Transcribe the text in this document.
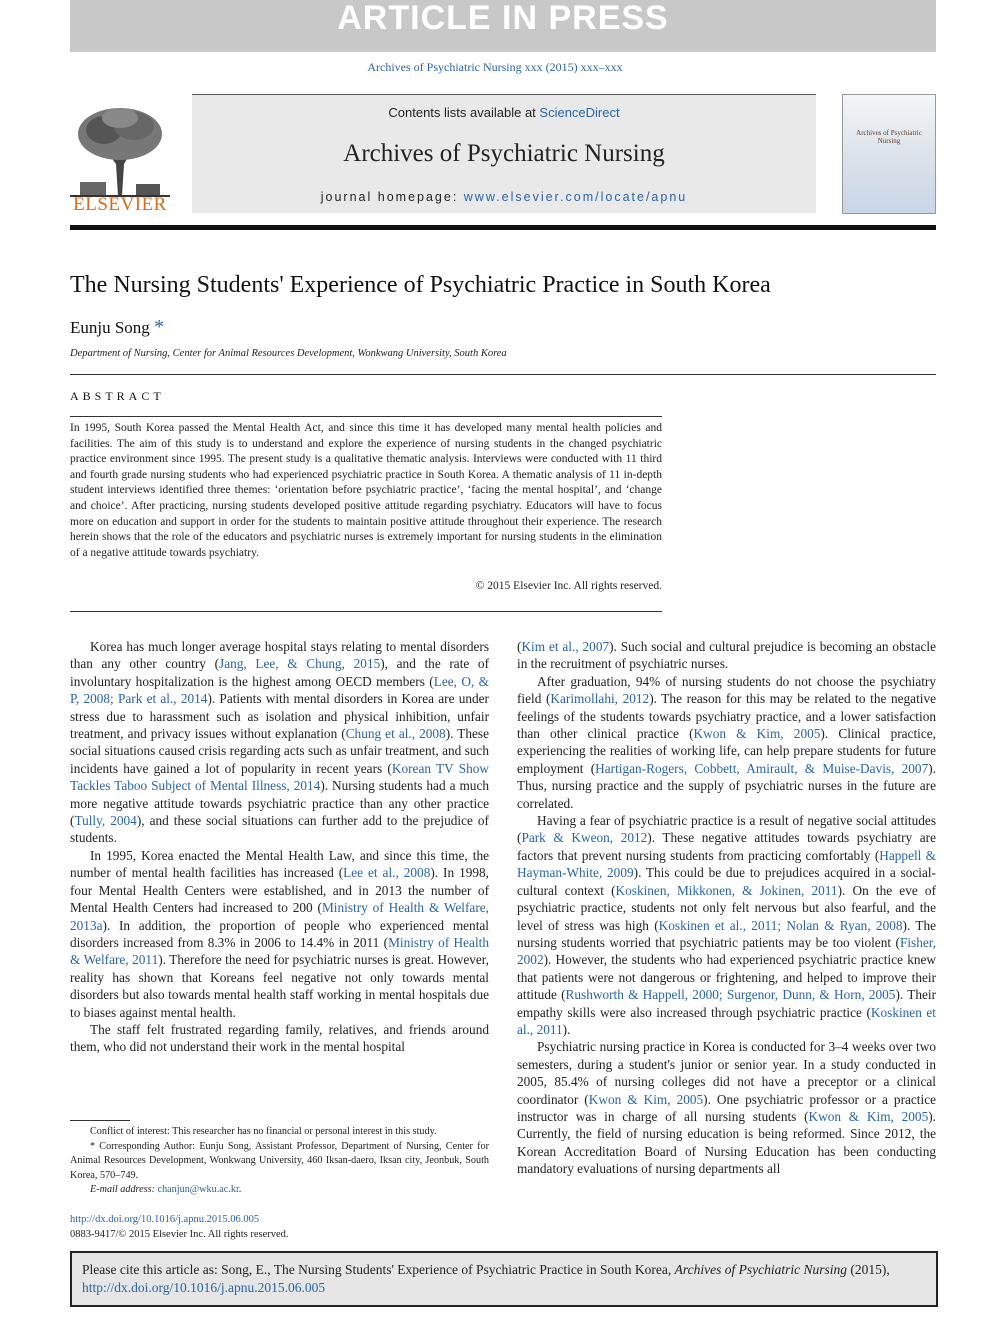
ARTICLE IN PRESS
Archives of Psychiatric Nursing xxx (2015) xxx–xxx
ELSEVIER
Contents lists available at ScienceDirect
Archives of Psychiatric Nursing
journal homepage: www.elsevier.com/locate/apnu
Archives of Psychiatric Nursing
The Nursing Students' Experience of Psychiatric Practice in South Korea
Eunju Song *
Department of Nursing, Center for Animal Resources Development, Wonkwang University, South Korea
ABSTRACT
In 1995, South Korea passed the Mental Health Act, and since this time it has developed many mental health policies and facilities. The aim of this study is to understand and explore the experience of nursing students in the changed psychiatric practice environment since 1995. The present study is a qualitative thematic analysis. Interviews were conducted with 11 third and fourth grade nursing students who had experienced psychiatric practice in South Korea. A thematic analysis of 11 in-depth student interviews identified three themes: ‘orientation before psychiatric practice’, ‘facing the mental hospital’, and ‘change and choice’. After practicing, nursing students developed positive attitude regarding psychiatry. Educators will have to focus more on education and support in order for the students to maintain positive attitude throughout their experience. The research herein shows that the role of the educators and psychiatric nurses is extremely important for nursing students in the elimination of a negative attitude towards psychiatry.
© 2015 Elsevier Inc. All rights reserved.

Korea has much longer average hospital stays relating to mental disorders than any other country (Jang, Lee, & Chung, 2015), and the rate of involuntary hospitalization is the highest among OECD members (Lee, O, & P, 2008; Park et al., 2014). Patients with mental disorders in Korea are under stress due to harassment such as isolation and physical inhibition, unfair treatment, and privacy issues without explanation (Chung et al., 2008). These social situations caused crisis regarding acts such as unfair treatment, and such incidents have gained a lot of popularity in recent years (Korean TV Show Tackles Taboo Subject of Mental Illness, 2014). Nursing students had a much more negative attitude towards psychiatric practice than any other practice (Tully, 2004), and these social situations can further add to the prejudice of students.

In 1995, Korea enacted the Mental Health Law, and since this time, the number of mental health facilities has increased (Lee et al., 2008). In 1998, four Mental Health Centers were established, and in 2013 the number of Mental Health Centers had increased to 200 (Ministry of Health & Welfare, 2013a). In addition, the proportion of people who experienced mental disorders increased from 8.3% in 2006 to 14.4% in 2011 (Ministry of Health & Welfare, 2011). Therefore the need for psychiatric nurses is great. However, reality has shown that Koreans feel negative not only towards mental disorders but also towards mental health staff working in mental hospitals due to biases against mental health.

The staff felt frustrated regarding family, relatives, and friends around them, who did not understand their work in the mental hospital

(Kim et al., 2007). Such social and cultural prejudice is becoming an obstacle in the recruitment of psychiatric nurses.

After graduation, 94% of nursing students do not choose the psychiatry field (Karimollahi, 2012). The reason for this may be related to the negative feelings of the students towards psychiatry practice, and a lower satisfaction than other clinical practice (Kwon & Kim, 2005). Clinical practice, experiencing the realities of working life, can help prepare students for future employment (Hartigan-Rogers, Cobbett, Amirault, & Muise-Davis, 2007). Thus, nursing practice and the supply of psychiatric nurses in the future are correlated.

Having a fear of psychiatric practice is a result of negative social attitudes (Park & Kweon, 2012). These negative attitudes towards psychiatry are factors that prevent nursing students from practicing comfortably (Happell & Hayman-White, 2009). This could be due to prejudices acquired in a social-cultural context (Koskinen, Mikkonen, & Jokinen, 2011). On the eve of psychiatric practice, students not only felt nervous but also fearful, and the level of stress was high (Koskinen et al., 2011; Nolan & Ryan, 2008). The nursing students worried that psychiatric patients may be too violent (Fisher, 2002). However, the students who had experienced psychiatric practice knew that patients were not dangerous or frightening, and helped to improve their attitude (Rushworth & Happell, 2000; Surgenor, Dunn, & Horn, 2005). Their empathy skills were also increased through psychiatric practice (Koskinen et al., 2011).

Psychiatric nursing practice in Korea is conducted for 3–4 weeks over two semesters, during a student's junior or senior year. In a study conducted in 2005, 85.4% of nursing colleges did not have a preceptor or a clinical coordinator (Kwon & Kim, 2005). One psychiatric professor or a practice instructor was in charge of all nursing students (Kwon & Kim, 2005). Currently, the field of nursing education is being reformed. Since 2012, the Korean Accreditation Board of Nursing Education has been conducting mandatory evaluations of nursing departments all

Conflict of interest: This researcher has no financial or personal interest in this study.

* Corresponding Author: Eunju Song, Assistant Professor, Department of Nursing, Center for Animal Resources Development, Wonkwang University, 460 Iksan-daero, Iksan city, Jeonbuk, South Korea, 570–749.

E-mail address: chanjun@wku.ac.kr.

http://dx.doi.org/10.1016/j.apnu.2015.06.005
0883-9417/© 2015 Elsevier Inc. All rights reserved.
Please cite this article as: Song, E., The Nursing Students' Experience of Psychiatric Practice in South Korea, Archives of Psychiatric Nursing (2015), http://dx.doi.org/10.1016/j.apnu.2015.06.005
